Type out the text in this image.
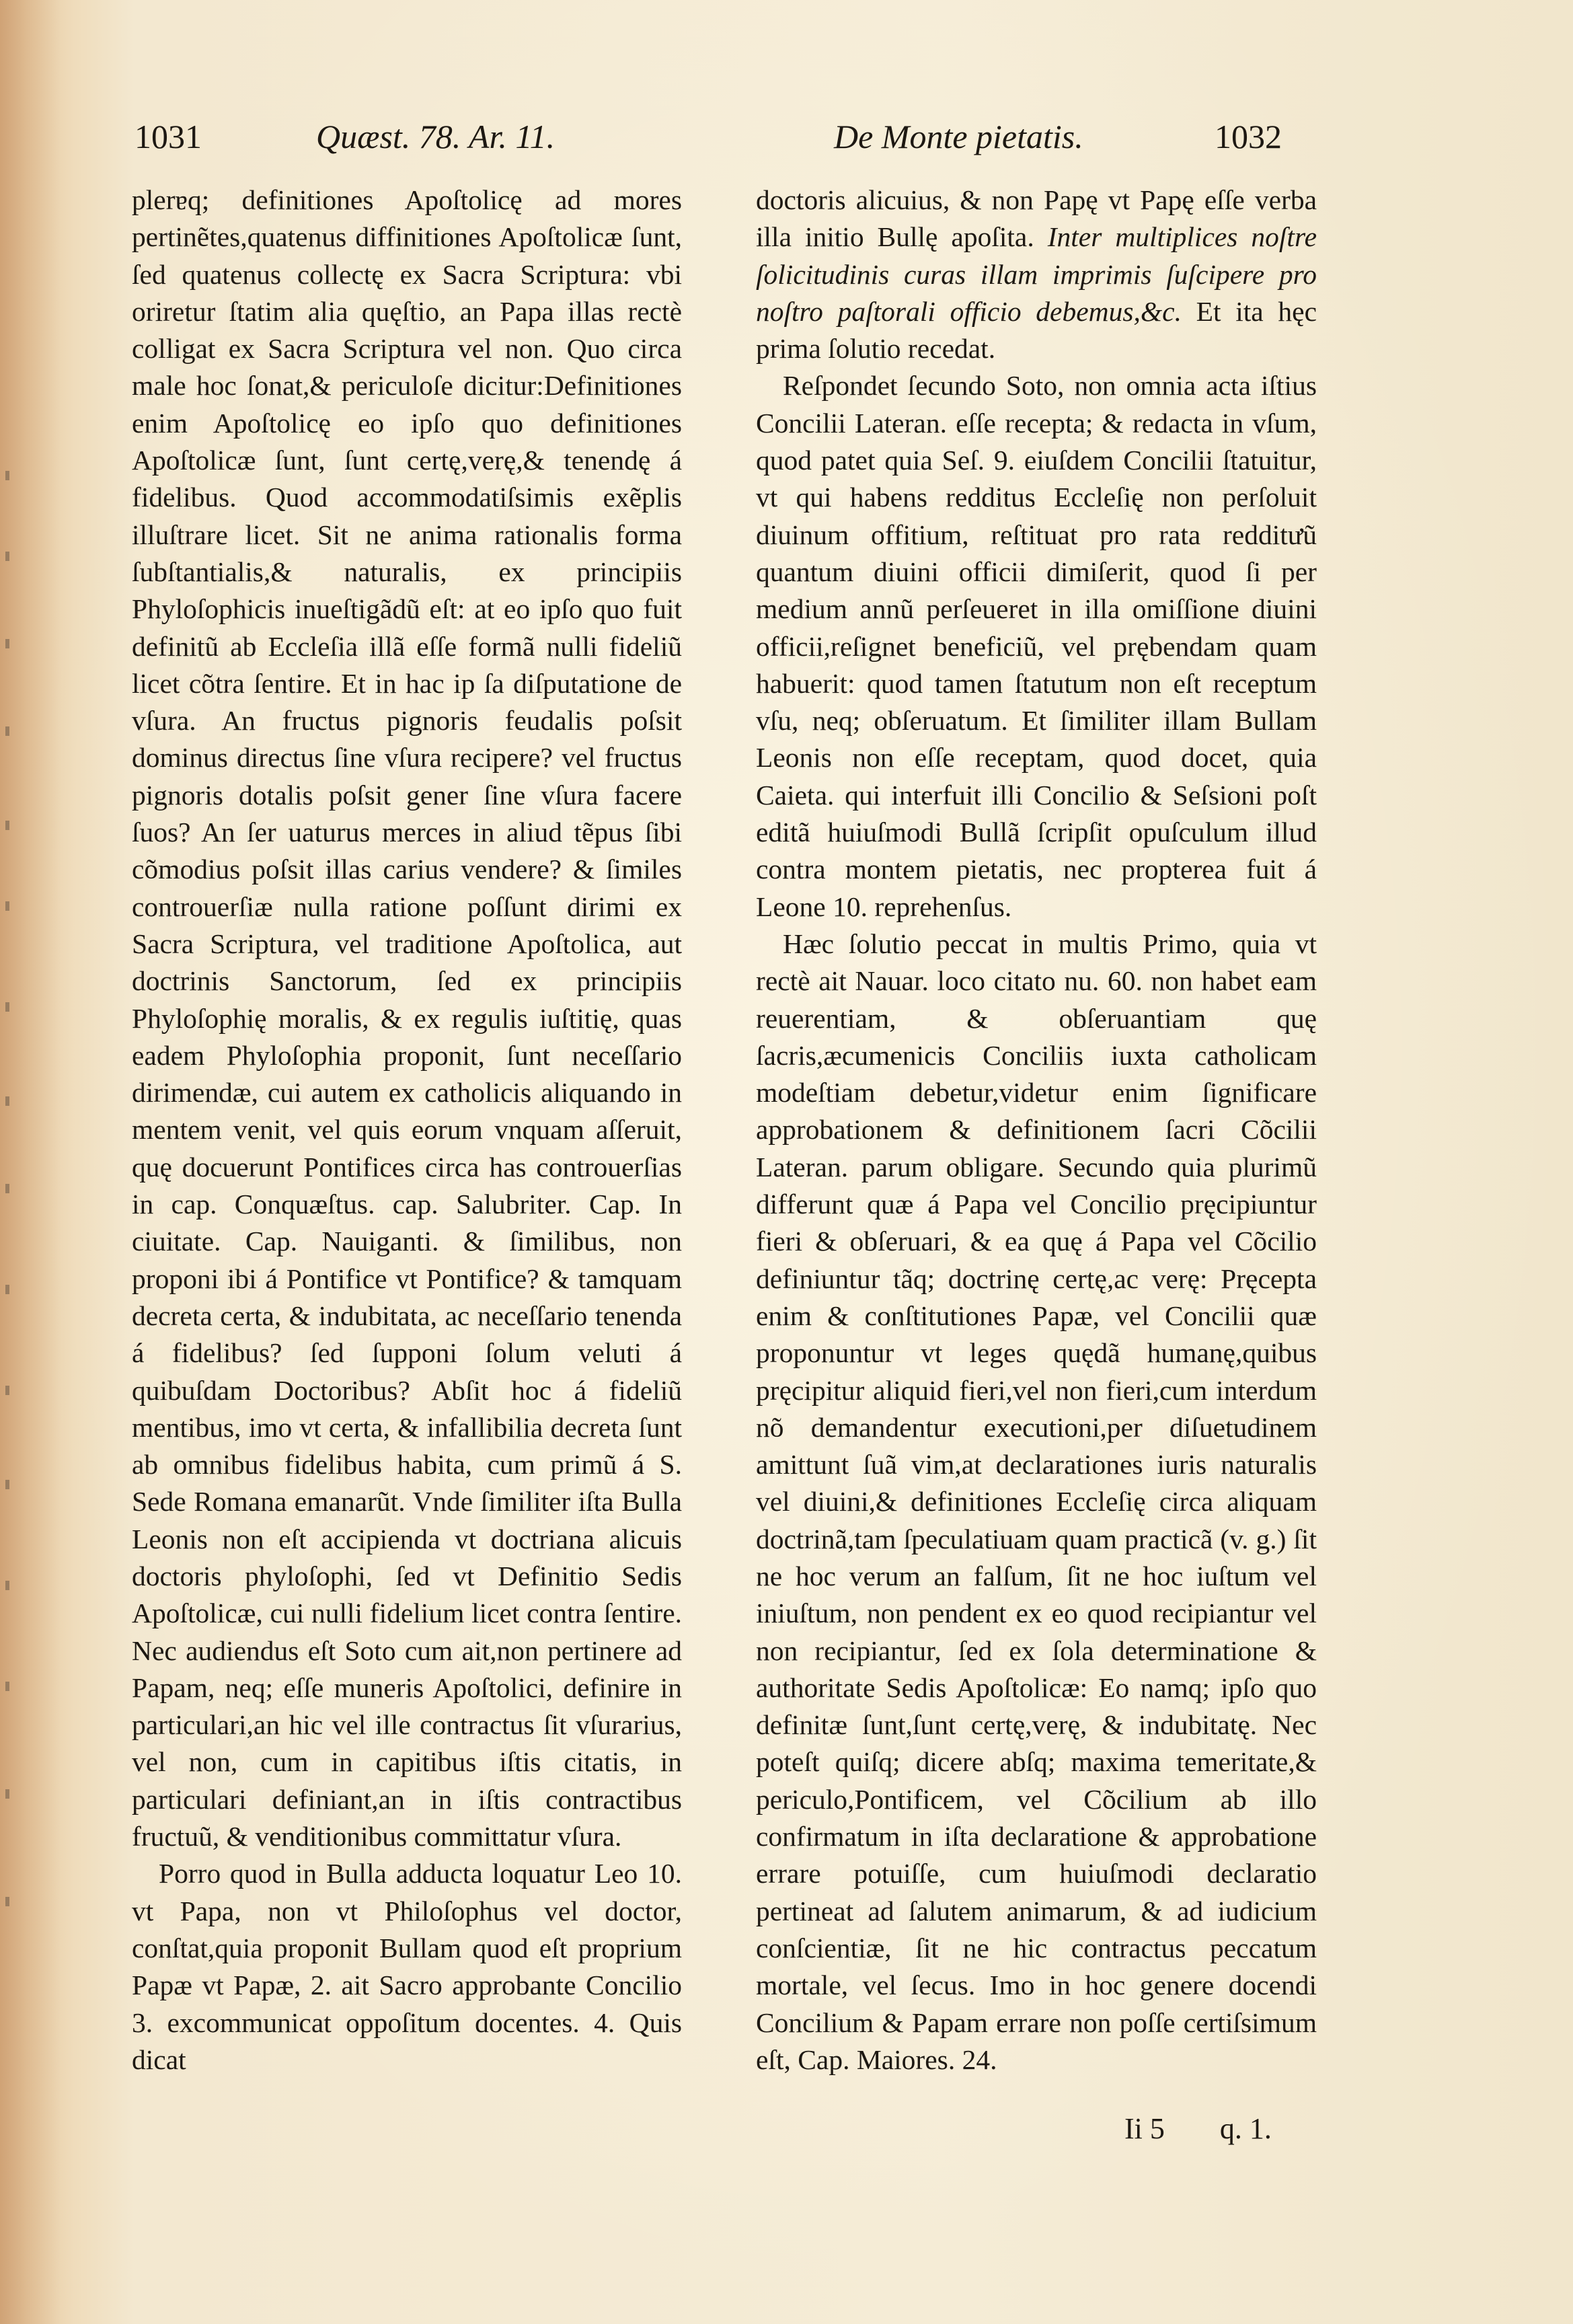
1031	Quæst. 78. Ar. 11.	De Monte pietatis.	1032

plerɐq; definitiones Apoſtolicę ad mores pertinẽtes,quatenus diffinitiones Apoſtolicæ ſunt, ſed quatenus collectę ex Sacra Scriptura: vbi oriretur ſtatim alia quęſtio, an Papa illas rectè colligat ex Sacra Scriptura vel non. Quo circa male hoc ſonat,& periculoſe dicitur:Definitiones enim Apoſtolicę eo ipſo quo definitiones Apoſtolicæ ſunt, ſunt certę,verę,& tenendę á fidelibus. Quod accommodatiſsimis exẽplis illuſtrare licet. Sit ne anima rationalis forma ſubſtantialis,& naturalis, ex principiis Phyloſophicis inueſtigãdũ eſt: at eo ipſo quo fuit definitũ ab Eccleſia illã eſſe formã nulli fideliũ licet cõtra ſentire. Et in hac ip ſa diſputatione de vſura. An fructus pignoris feudalis poſsit dominus directus ſine vſura recipere? vel fructus pignoris dotalis poſsit gener ſine vſura facere ſuos? An ſer uaturus merces in aliud tẽpus ſibi cõmodius poſsit illas carius vendere? & ſimiles controuerſiæ nulla ratione poſſunt dirimi ex Sacra Scriptura, vel traditione Apoſtolica, aut doctrinis Sanctorum, ſed ex principiis Phyloſophię moralis, & ex regulis iuſtitię, quas eadem Phyloſophia proponit, ſunt neceſſario dirimendæ, cui autem ex catholicis aliquando in mentem venit, vel quis eorum vnquam aſſeruit, quę docuerunt Pontifices circa has controuerſias in cap. Conquæſtus. cap. Salubriter. Cap. In ciuitate. Cap. Nauiganti. & ſimilibus, non proponi ibi á Pontifice vt Pontifice? & tamquam decreta certa, & indubitata, ac neceſſario tenenda á fidelibus? ſed ſupponi ſolum veluti á quibuſdam Doctoribus? Abſit hoc á fideliũ mentibus, imo vt certa, & infallibilia decreta ſunt ab omnibus fidelibus habita, cum primũ á S. Sede Romana emanarũt. Vnde ſimiliter iſta Bulla Leonis non eſt accipienda vt doctriana alicuis doctoris phyloſophi, ſed vt Definitio Sedis Apoſtolicæ, cui nulli fidelium licet contra ſentire. Nec audiendus eſt Soto cum ait,non pertinere ad Papam, neq; eſſe muneris Apoſtolici, definire in particulari,an hic vel ille contractus ſit vſurarius, vel non, cum in capitibus iſtis citatis, in particulari definiant,an in iſtis contractibus fructuũ, & venditionibus committatur vſura.

Porro quod in Bulla adducta loquatur Leo 10. vt Papa, non vt Philoſophus vel doctor, conſtat,quia proponit Bullam quod eſt proprium Papæ vt Papæ, 2. ait Sacro approbante Concilio 3. excommunicat oppoſitum docentes. 4. Quis dicat

doctoris alicuius, & non Papę vt Papę eſſe verba illa initio Bullę apoſita. Inter multiplices noſtre ſolicitudinis curas illam imprimis ſuſcipere pro noſtro paſtorali officio debemus,&c. Et ita hęc prima ſolutio recedat.

Reſpondet ſecundo Soto, non omnia acta iſtius Concilii Lateran. eſſe recepta; & redacta in vſum, quod patet quia Seſ. 9. eiuſdem Concilii ſtatuitur, vt qui habens redditus Eccleſię non perſoluit diuinum offitium, reſtituat pro rata redditưũ quantum diuini officii dimiſerit, quod ſi per medium annũ perſeueret in illa omiſſione diuini officii,reſignet beneficiũ, vel prębendam quam habuerit: quod tamen ſtatutum non eſt receptum vſu, neq; obſeruatum. Et ſimiliter illam Bullam Leonis non eſſe receptam, quod docet, quia Caieta. qui interfuit illi Concilio & Seſsioni poſt editã huiuſmodi Bullã ſcripſit opuſculum illud contra montem pietatis, nec propterea fuit á Leone 10. reprehenſus.

Hæc ſolutio peccat in multis Primo, quia vt rectè ait Nauar. loco citato nu. 60. non habet eam reuerentiam, & obſeruantiam quę ſacris,æcumenicis Conciliis iuxta catholicam modeſtiam debetur,videtur enim ſignificare approbationem & definitionem ſacri Cõcilii Lateran. parum obligare. Secundo quia plurimũ differunt quæ á Papa vel Concilio pręcipiuntur fieri & obſeruari, & ea quę á Papa vel Cõcilio definiuntur tãq; doctrinę certę,ac verę: Pręcepta enim & conſtitutiones Papæ, vel Concilii quæ proponuntur vt leges quędã humanę,quibus pręcipitur aliquid fieri,vel non fieri,cum interdum nõ demandentur executioni,per diſuetudinem amittunt ſuã vim,at declarationes iuris naturalis vel diuini,& definitiones Eccleſię circa aliquam doctrinã,tam ſpeculatiuam quam practicã (v. g.) ſit ne hoc verum an falſum, ſit ne hoc iuſtum vel iniuſtum, non pendent ex eo quod recipiantur vel non recipiantur, ſed ex ſola determinatione & authoritate Sedis Apoſtolicæ: Eo namq; ipſo quo definitæ ſunt,ſunt certę,verę, & indubitatę. Nec poteſt quiſq; dicere abſq; maxima temeritate,& periculo,Pontificem, vel Cõcilium ab illo confirmatum in iſta declaratione & approbatione errare potuiſſe, cum huiuſmodi declaratio pertineat ad ſalutem animarum, & ad iudicium conſcientiæ, ſit ne hic contractus peccatum mortale, vel ſecus. Imo in hoc genere docendi Concilium & Papam errare non poſſe certiſsimum eſt, Cap. Maiores. 24.

Ii 5 q. 1.
